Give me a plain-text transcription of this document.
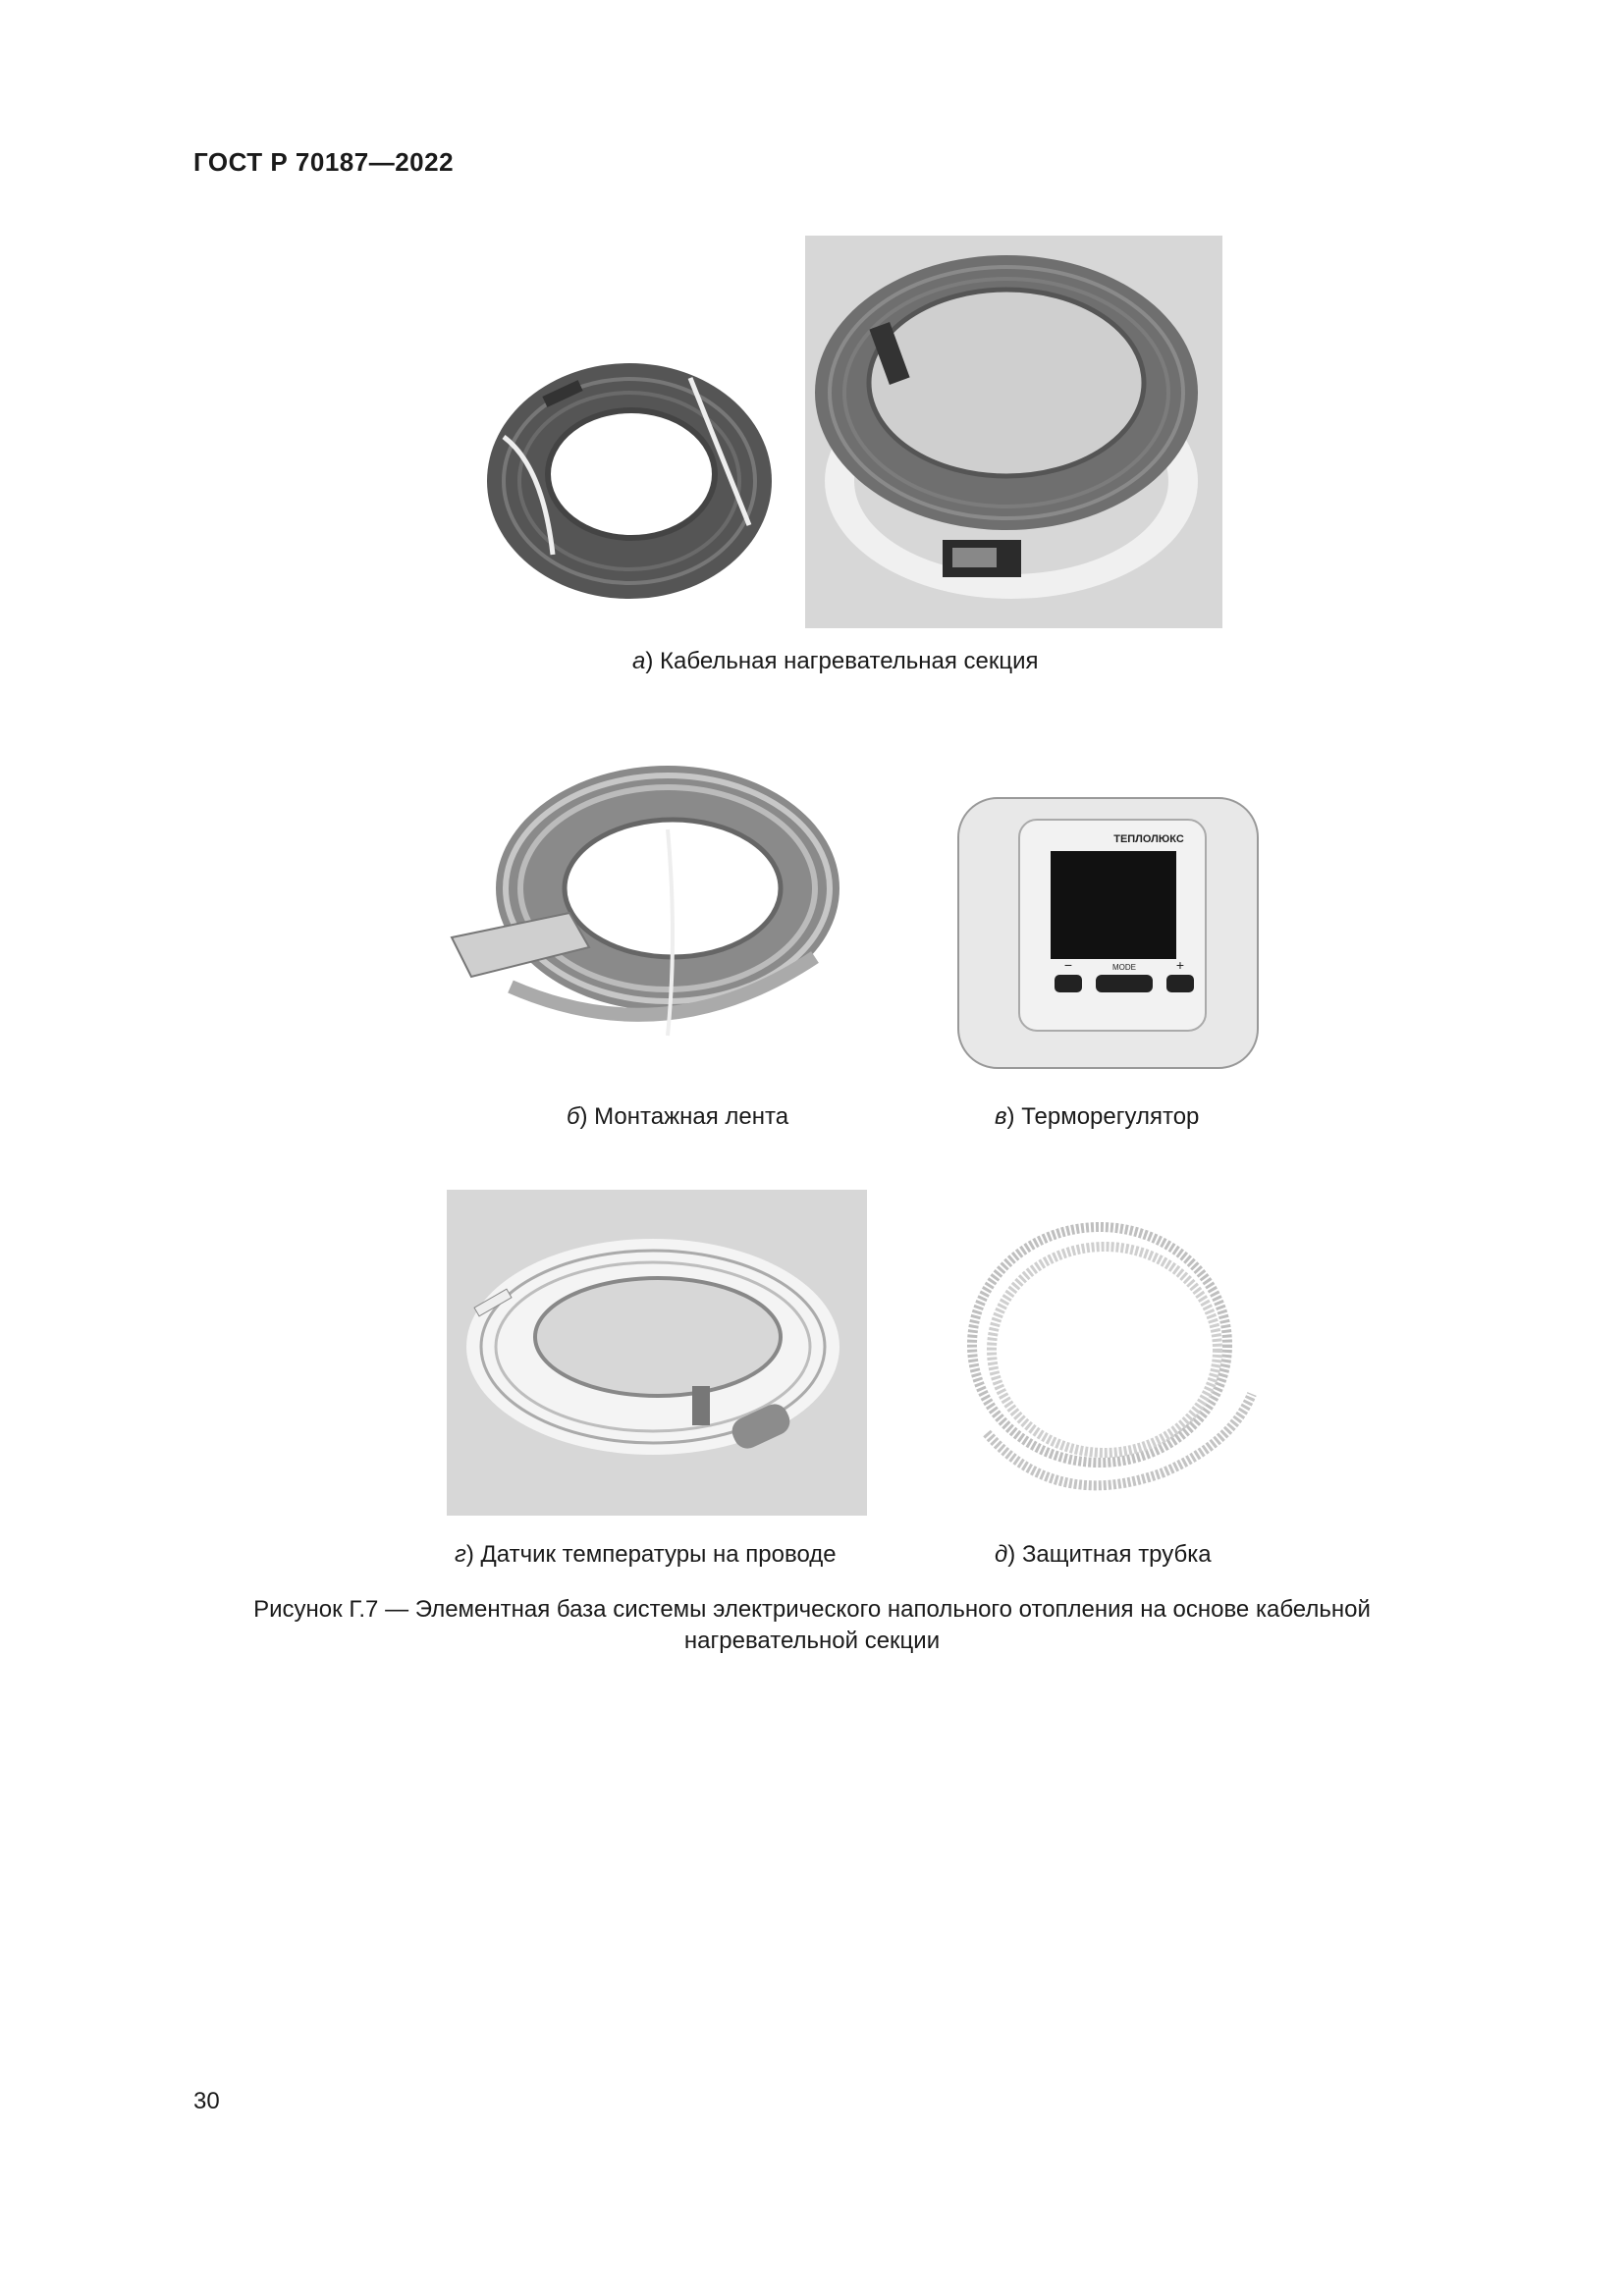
ГОСТ Р 70187—2022
а) Кабельная нагревательная секция
ТЕПЛОЛЮКС
MODE
−	+
б) Монтажная лента	в) Терморегулятор
г) Датчик температуры на проводе	д) Защитная трубка
Рисунок Г.7 — Элементная база системы электрического напольного отопления на основе кабельной
нагревательной секции
30
